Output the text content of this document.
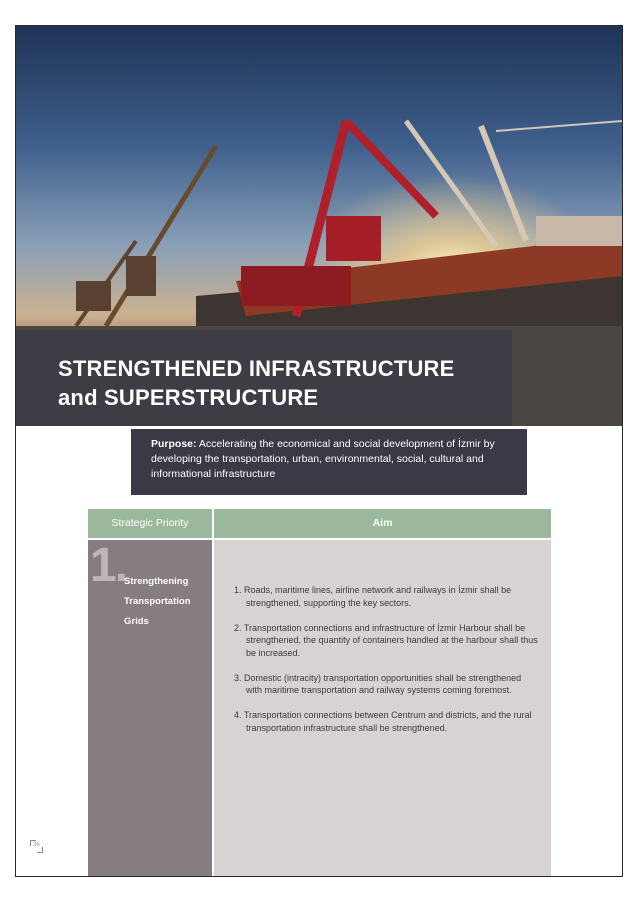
STRENGTHENED INFRASTRUCTURE
and SUPERSTRUCTURE
Purpose: Accelerating the economical and social development of İzmir by developing the transportation, urban, environmental, social, cultural and informational infrastructure
Strategic Priority	Aim
1.
Strengthening
Transportation
Grids
1. Roads, maritime lines, airline network and railways in İzmir shall be strengthened, supporting the key sectors.
2. Transportation connections and infrastructure of İzmir Harbour shall be strengthened, the quantity of containers handled at the harbour shall thus be increased.
3. Domestic (intracity) transportation opportunities shall be strengthened with maritime transportation and railway systems coming foremost.
4. Transportation connections between Centrum and districts, and the rural transportation infrastructure shall be strengthened.
36
